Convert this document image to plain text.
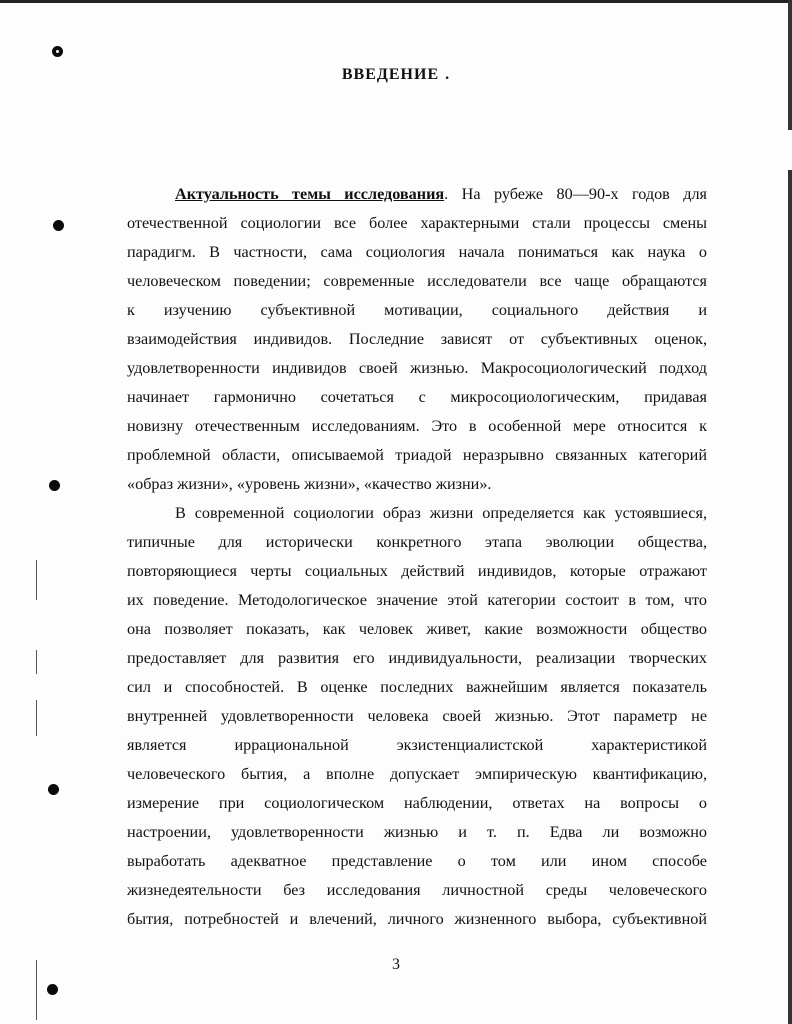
ВВЕДЕНИЕ .
Актуальность темы исследования. На рубеже 80—90-х годов для
отечественной социологии все более характерными стали процессы смены
парадигм. В частности, сама социология начала пониматься как наука о
человеческом поведении; современные исследователи все чаще обращаются
к изучению субъективной мотивации, социального действия и
взаимодействия индивидов. Последние зависят от субъективных оценок,
удовлетворенности индивидов своей жизнью. Макросоциологический подход
начинает гармонично сочетаться с микросоциологическим, придавая
новизну отечественным исследованиям. Это в особенной мере относится к
проблемной области, описываемой триадой неразрывно связанных категорий
«образ жизни», «уровень жизни», «качество жизни».
В современной социологии образ жизни определяется как устоявшиеся,
типичные для исторически конкретного этапа эволюции общества,
повторяющиеся черты социальных действий индивидов, которые отражают
их поведение. Методологическое значение этой категории состоит в том, что
она позволяет показать, как человек живет, какие возможности общество
предоставляет для развития его индивидуальности, реализации творческих
сил и способностей. В оценке последних важнейшим является показатель
внутренней удовлетворенности человека своей жизнью. Этот параметр не
является иррациональной экзистенциалистской характеристикой
человеческого бытия, а вполне допускает эмпирическую квантификацию,
измерение при социологическом наблюдении, ответах на вопросы о
настроении, удовлетворенности жизнью и т. п. Едва ли возможно
выработать адекватное представление о том или ином способе
жизнедеятельности без исследования личностной среды человеческого
бытия, потребностей и влечений, личного жизненного выбора, субъективной
3
